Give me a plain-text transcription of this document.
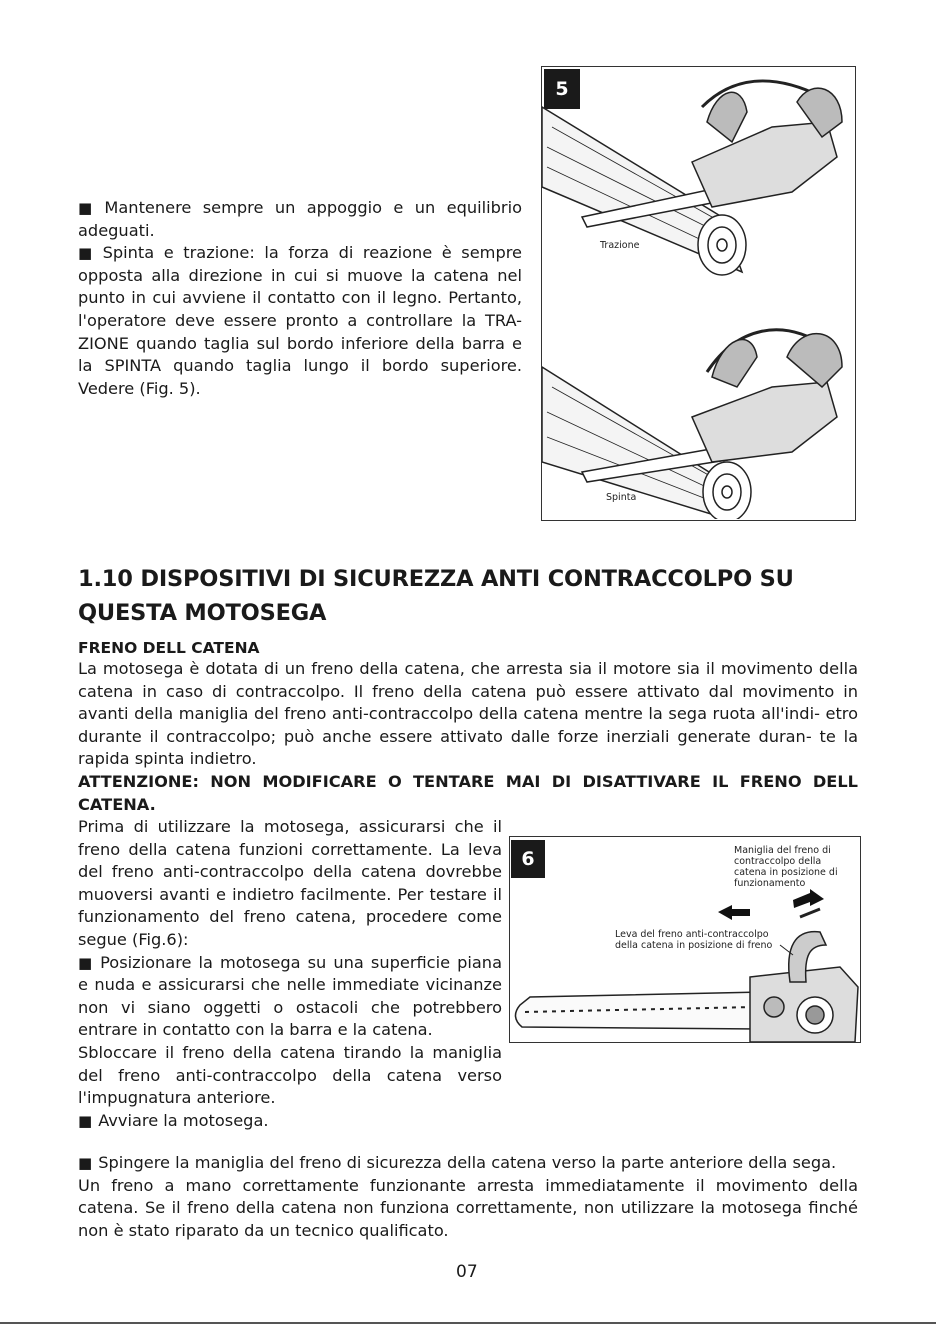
■ Mantenere sempre un appoggio e un equilibrio adeguati.

■ Spinta e trazione: la forza di reazione è sempre opposta alla direzione in cui si muove la catena nel punto in cui avviene il contatto con il legno. Pertanto, l'operatore deve essere pronto a controllare la TRA- ZIONE quando taglia sul bordo inferiore della barra e la SPINTA quando taglia lungo il bordo superiore. Vedere (Fig. 5).

5
Trazione
Spinta

1.10 DISPOSITIVI DI SICUREZZA ANTI CONTRACCOLPO SU

QUESTA MOTOSEGA

FRENO DELL CATENA

La motosega è dotata di un freno della catena, che arresta sia il motore sia il movimento della catena in caso di contraccolpo. Il freno della catena può essere attivato dal movimento in avanti della maniglia del freno anti-contraccolpo della catena mentre la sega ruota all'indi- etro durante il contraccolpo; può anche essere attivato dalle forze inerziali generate duran- te la rapida spinta indietro.

ATTENZIONE: NON MODIFICARE O TENTARE MAI DI DISATTIVARE IL FRENO DELL CATENA.

Prima di utilizzare la motosega, assicurarsi che il freno della catena funzioni correttamente. La leva del freno anti-contraccolpo della catena dovrebbe muoversi avanti e indietro facilmente. Per testare il funzionamento del freno catena, procedere come segue (Fig.6):

■ Posizionare la motosega su una superficie piana e nuda e assicurarsi che nelle immediate vicinanze non vi siano oggetti o ostacoli che potrebbero entrare in contatto con la barra e la catena.

Sbloccare il freno della catena tirando la maniglia del freno anti-contraccolpo della catena verso l'impugnatura anteriore.

■ Avviare la motosega.

■ Spingere la maniglia del freno di sicurezza della catena verso la parte anteriore della sega.

Un freno a mano correttamente funzionante arresta immediatamente il movimento della catena. Se il freno della catena non funziona correttamente, non utilizzare la motosega finché non è stato riparato da un tecnico qualificato.

6	Maniglia del freno di contraccolpo della catena in posizione di funzionamento
Leva del freno anti-contraccolpo della catena in posizione di freno
07
